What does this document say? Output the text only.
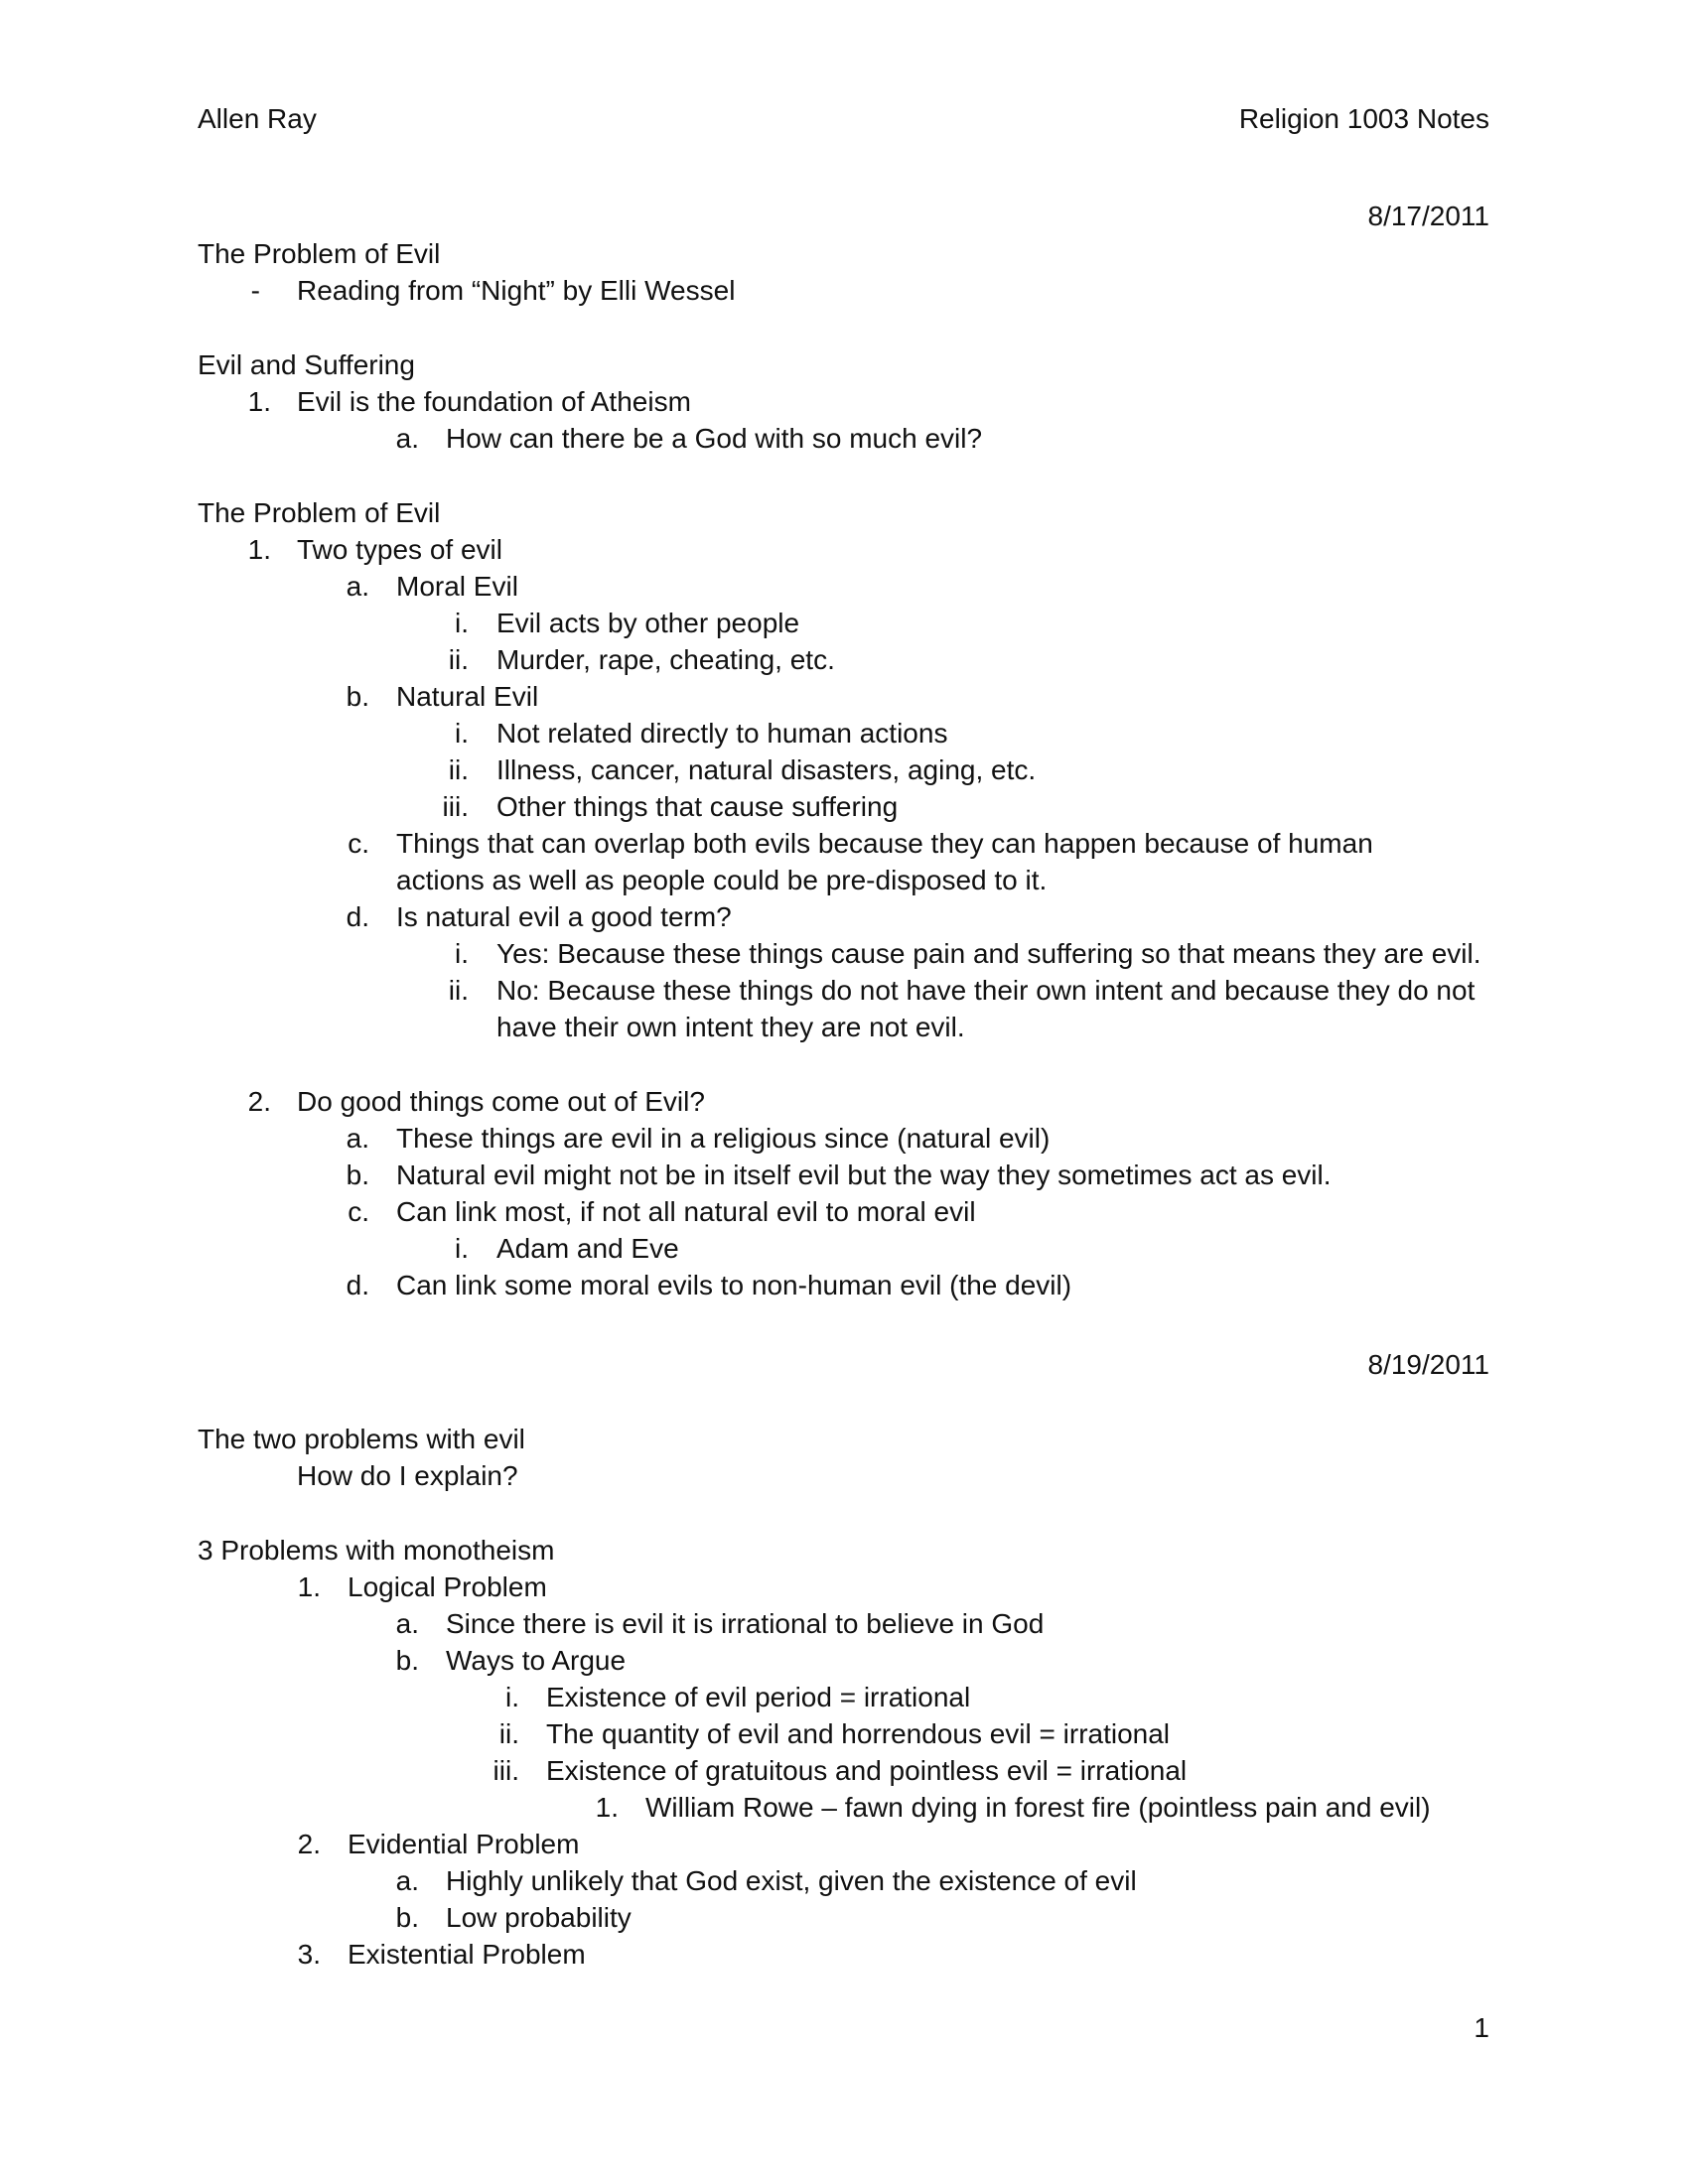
Allen Ray	Religion 1003 Notes
8/17/2011
The Problem of Evil
- Reading from “Night” by Elli Wessel
Evil and Suffering
1. Evil is the foundation of Atheism
a. How can there be a God with so much evil?
The Problem of Evil
1. Two types of evil
a. Moral Evil
i. Evil acts by other people
ii. Murder, rape, cheating, etc.
b. Natural Evil
i. Not related directly to human actions
ii. Illness, cancer, natural disasters, aging, etc.
iii. Other things that cause suffering
c. Things that can overlap both evils because they can happen because of human actions as well as people could be pre-disposed to it.
d. Is natural evil a good term?
i. Yes: Because these things cause pain and suffering so that means they are evil.
ii. No: Because these things do not have their own intent and because they do not have their own intent they are not evil.
2. Do good things come out of Evil?
a. These things are evil in a religious since (natural evil)
b. Natural evil might not be in itself evil but the way they sometimes act as evil.
c. Can link most, if not all natural evil to moral evil
i. Adam and Eve
d. Can link some moral evils to non-human evil (the devil)
8/19/2011
The two problems with evil
How do I explain?
3 Problems with monotheism
1. Logical Problem
a. Since there is evil it is irrational to believe in God
b. Ways to Argue
i. Existence of evil period = irrational
ii. The quantity of evil and horrendous evil = irrational
iii. Existence of gratuitous and pointless evil = irrational
1. William Rowe – fawn dying in forest fire (pointless pain and evil)
2. Evidential Problem
a. Highly unlikely that God exist, given the existence of evil
b. Low probability
3. Existential Problem
1
